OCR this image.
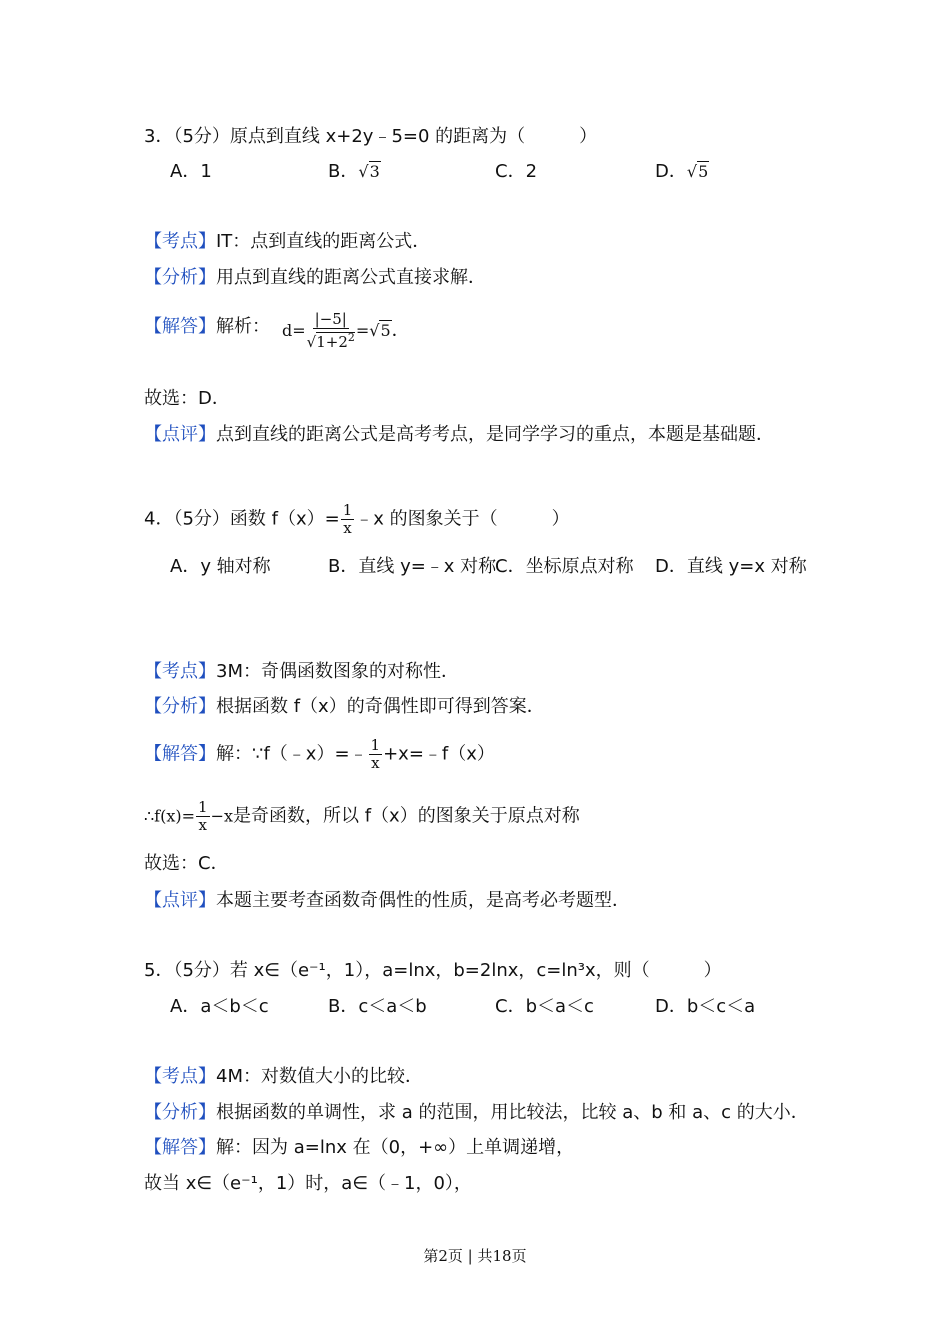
3．（5分）原点到直线 x+2y﹣5=0 的距离为（　　　）
A．1	B．√3	C．2	D．√5
【考点】IT：点到直线的距离公式．
【分析】用点到直线的距离公式直接求解．
【解答】解析： $d= \frac{|-5|}{√1+2^2} =√5$．
故选：D．
【点评】点到直线的距离公式是高考考点，是同学学习的重点，本题是基础题．
4．（5分）函数 $f(x)= \frac{1}{x}$ ﹣x 的图象关于（　　　）
A．y 轴对称	B．直线 y=﹣x 对称
C．坐标原点对称 D．直线 y=x 对称
【考点】3M：奇偶函数图象的对称性．
【分析】根据函数 f（x）的奇偶性即可得到答案．
【解答】解：∵f（﹣x）=﹣ $\frac{1}{x}$ +x=﹣f（x）
∴f(x)= $\frac{1}{x} -x$是奇函数，所以 f（x）的图象关于原点对称
故选：C．
【点评】本题主要考查函数奇偶性的性质，是高考必考题型．
5．（5分）若 x∈（e⁻¹，1），a=lnx，b=2lnx，c=ln³x，则（　　　）
A．a＜b＜c	B．c＜a＜b	C．b＜a＜c	D．b＜c＜a
【考点】4M：对数值大小的比较．
【分析】根据函数的单调性，求 a 的范围，用比较法，比较 a、b 和 a、c 的大小．
【解答】解：因为 a=lnx 在（0，+∞）上单调递增，
故当 x∈（e⁻¹，1）时，a∈（﹣1，0），
第2页 | 共18页
